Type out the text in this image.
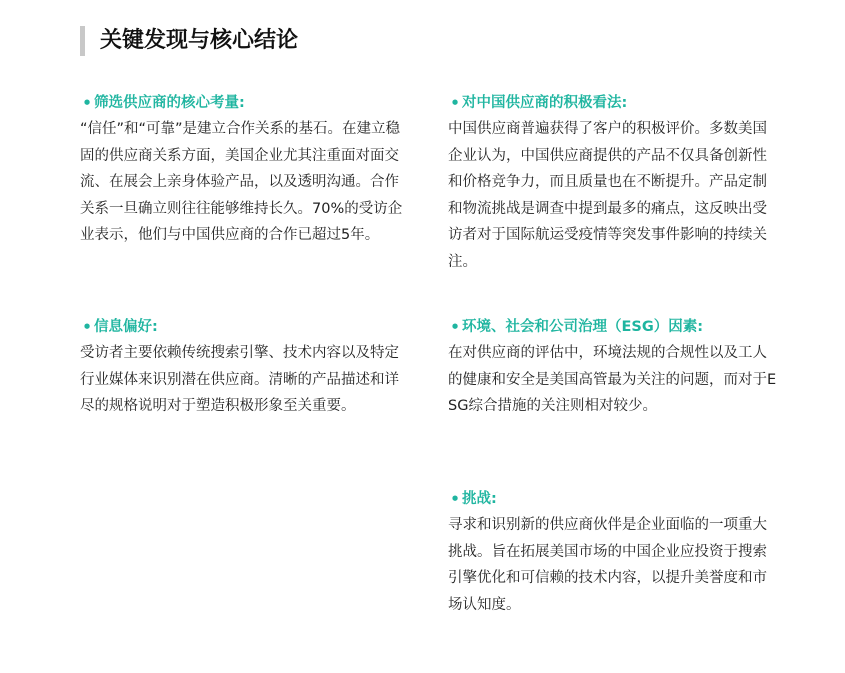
关键发现与核心结论
• 筛选供应商的核心考量:

“信任”和“可靠”是建立合作关系的基石。在建立稳固的供应商关系方面，美国企业尤其注重面对面交流、在展会上亲身体验产品，以及透明沟通。合作关系一旦确立则往往能够维持长久。70%的受访企业表示，他们与中国供应商的合作已超过5年。

• 信息偏好:

受访者主要依赖传统搜索引擎、技术内容以及特定行业媒体来识别潜在供应商。清晰的产品描述和详尽的规格说明对于塑造积极形象至关重要。

• 对中国供应商的积极看法:

中国供应商普遍获得了客户的积极评价。多数美国企业认为，中国供应商提供的产品不仅具备创新性和价格竞争力，而且质量也在不断提升。产品定制和物流挑战是调查中提到最多的痛点，这反映出受访者对于国际航运受疫情等突发事件影响的持续关注。

• 环境、社会和公司治理（ESG）因素:

在对供应商的评估中，环境法规的合规性以及工人的健康和安全是美国高管最为关注的问题，而对于ESG综合措施的关注则相对较少。

• 挑战:

寻求和识别新的供应商伙伴是企业面临的一项重大挑战。旨在拓展美国市场的中国企业应投资于搜索引擎优化和可信赖的技术内容，以提升美誉度和市场认知度。
